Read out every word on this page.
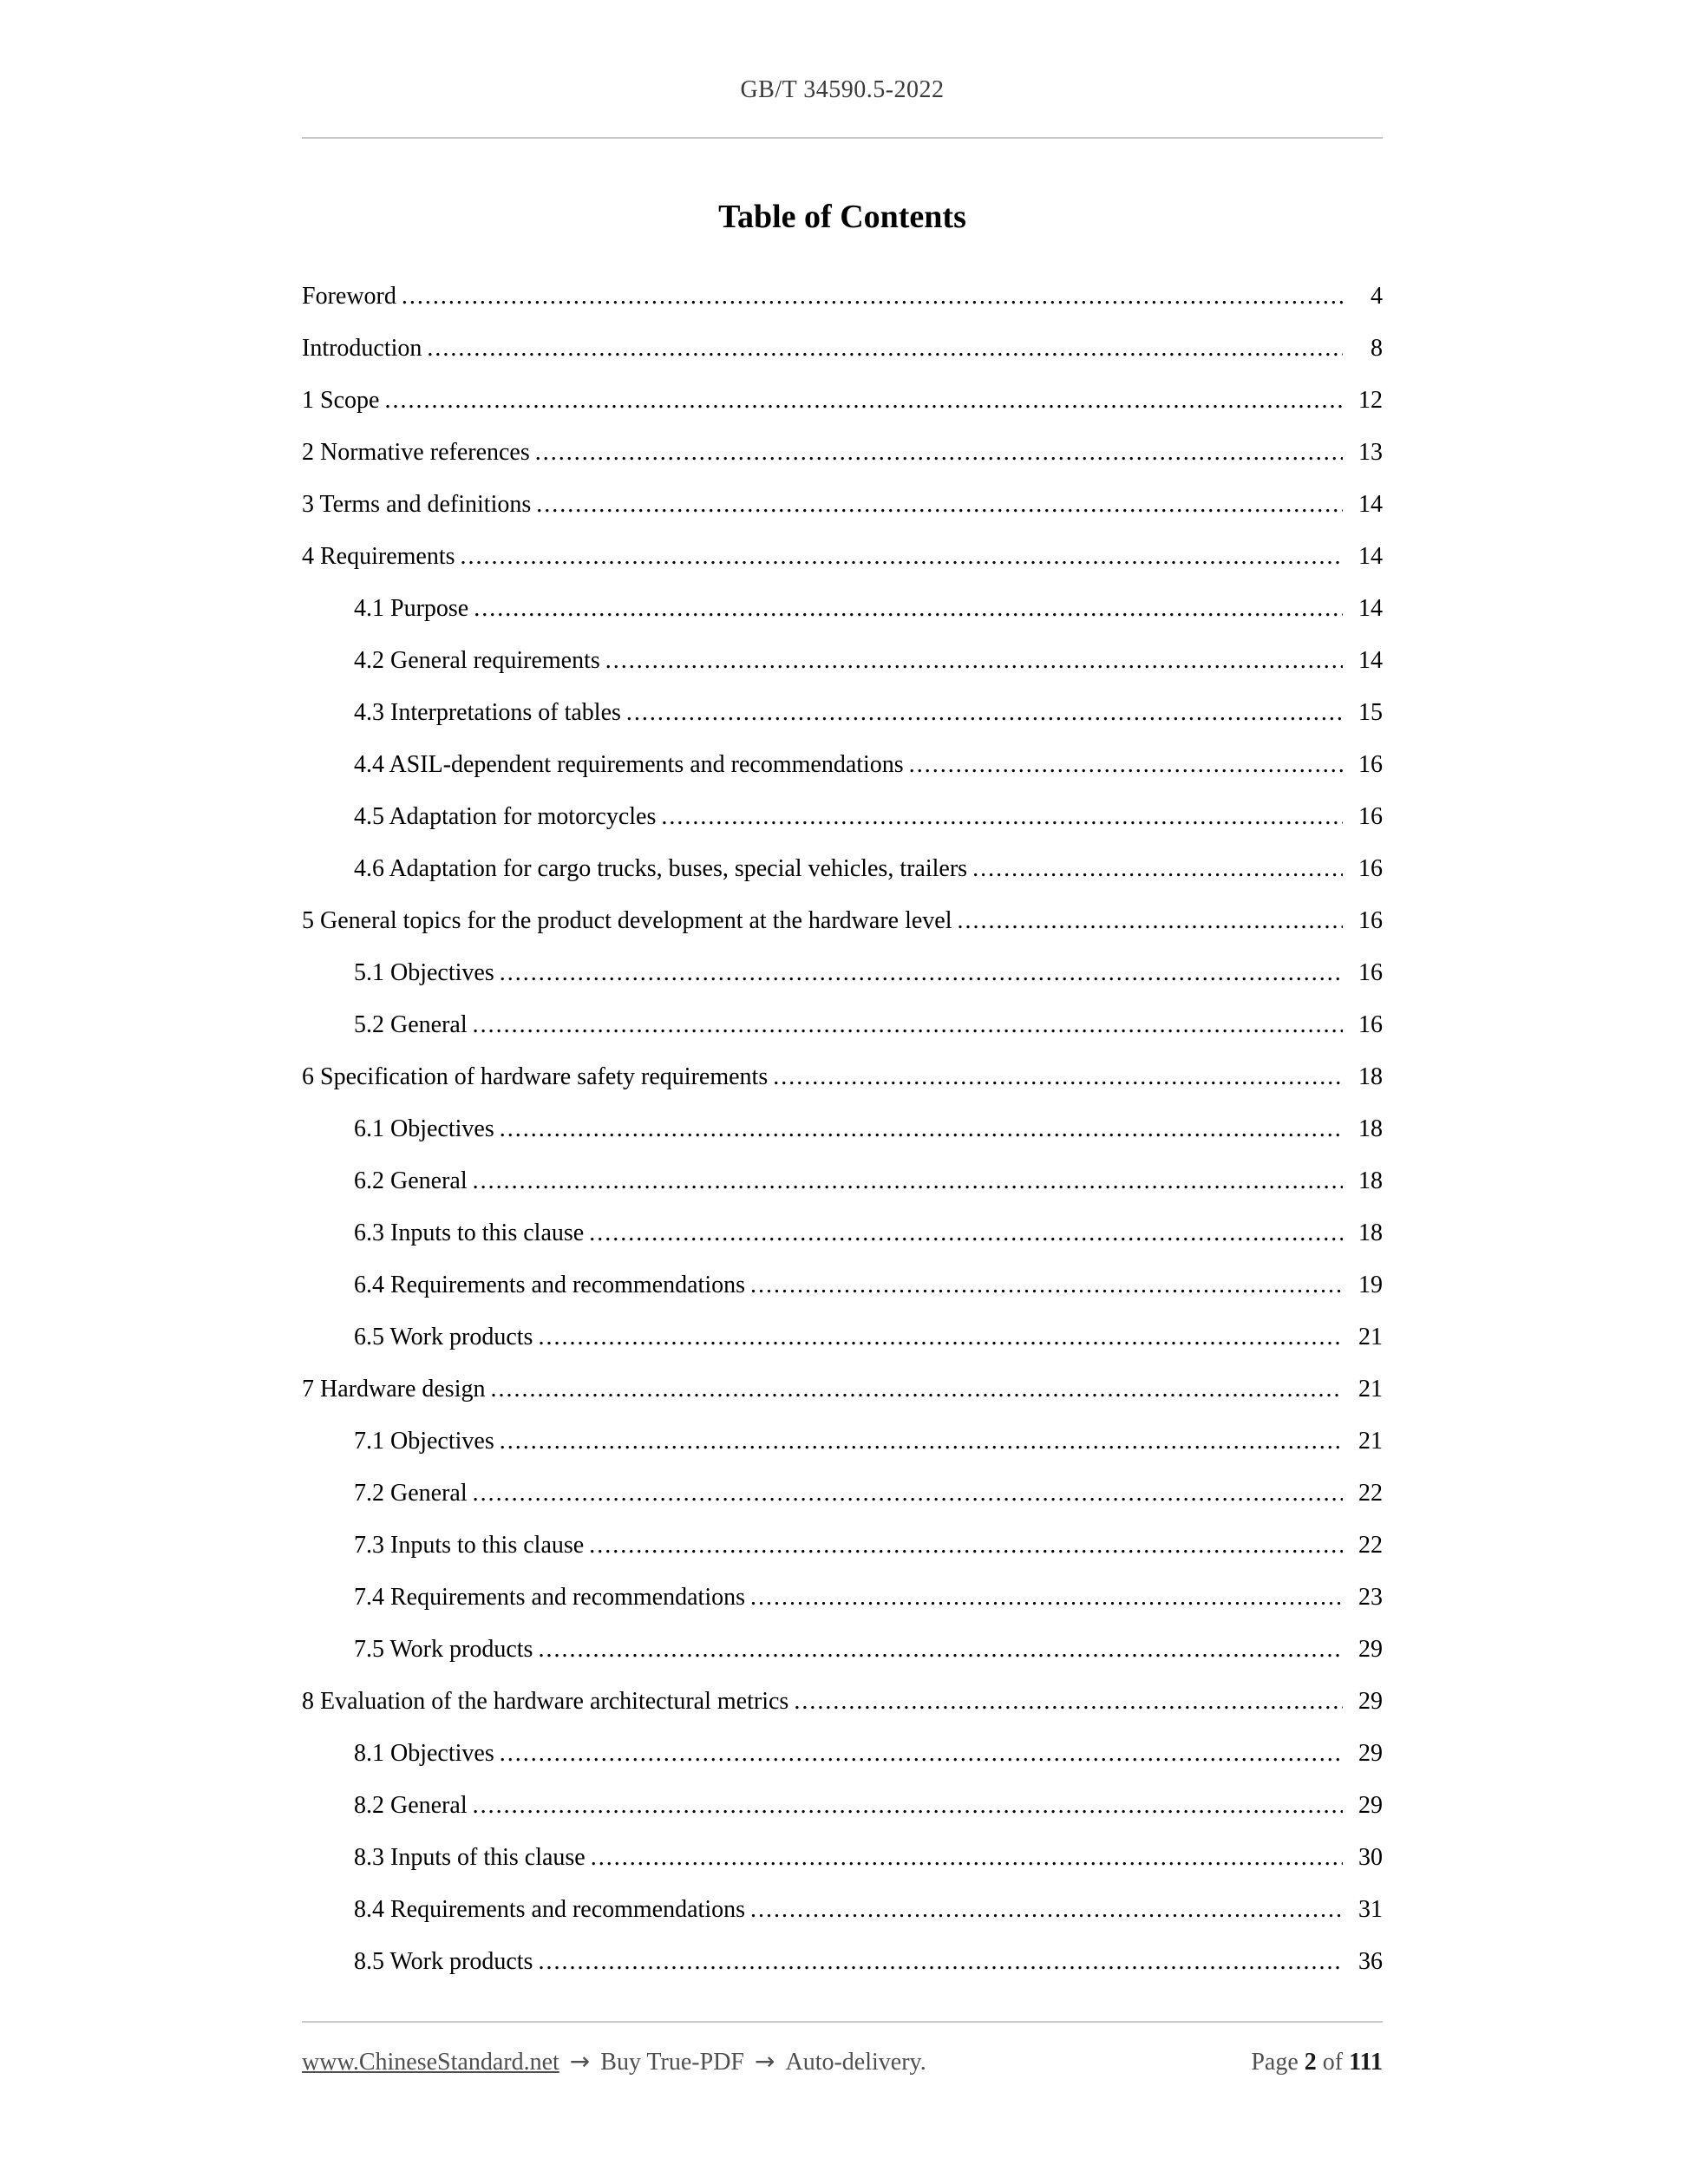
GB/T 34590.5-2022
Table of Contents
Foreword .....	4
Introduction .....	8
1 Scope .....	12
2 Normative references .....	13
3 Terms and definitions .....	14
4 Requirements .....	14
4.1 Purpose .....	14
4.2 General requirements .....	14
4.3 Interpretations of tables .....	15
4.4 ASIL-dependent requirements and recommendations .....	16
4.5 Adaptation for motorcycles .....	16
4.6 Adaptation for cargo trucks, buses, special vehicles, trailers .....	16
5 General topics for the product development at the hardware level .....	16
5.1 Objectives .....	16
5.2 General .....	16
6 Specification of hardware safety requirements .....	18
6.1 Objectives .....	18
6.2 General .....	18
6.3 Inputs to this clause .....	18
6.4 Requirements and recommendations .....	19
6.5 Work products .....	21
7 Hardware design .....	21
7.1 Objectives .....	21
7.2 General .....	22
7.3 Inputs to this clause .....	22
7.4 Requirements and recommendations .....	23
7.5 Work products .....	29
8 Evaluation of the hardware architectural metrics .....	29
8.1 Objectives .....	29
8.2 General .....	29
8.3 Inputs of this clause .....	30
8.4 Requirements and recommendations .....	31
8.5 Work products .....	36
www.ChineseStandard.net → Buy True-PDF → Auto-delivery.	Page 2 of 111
